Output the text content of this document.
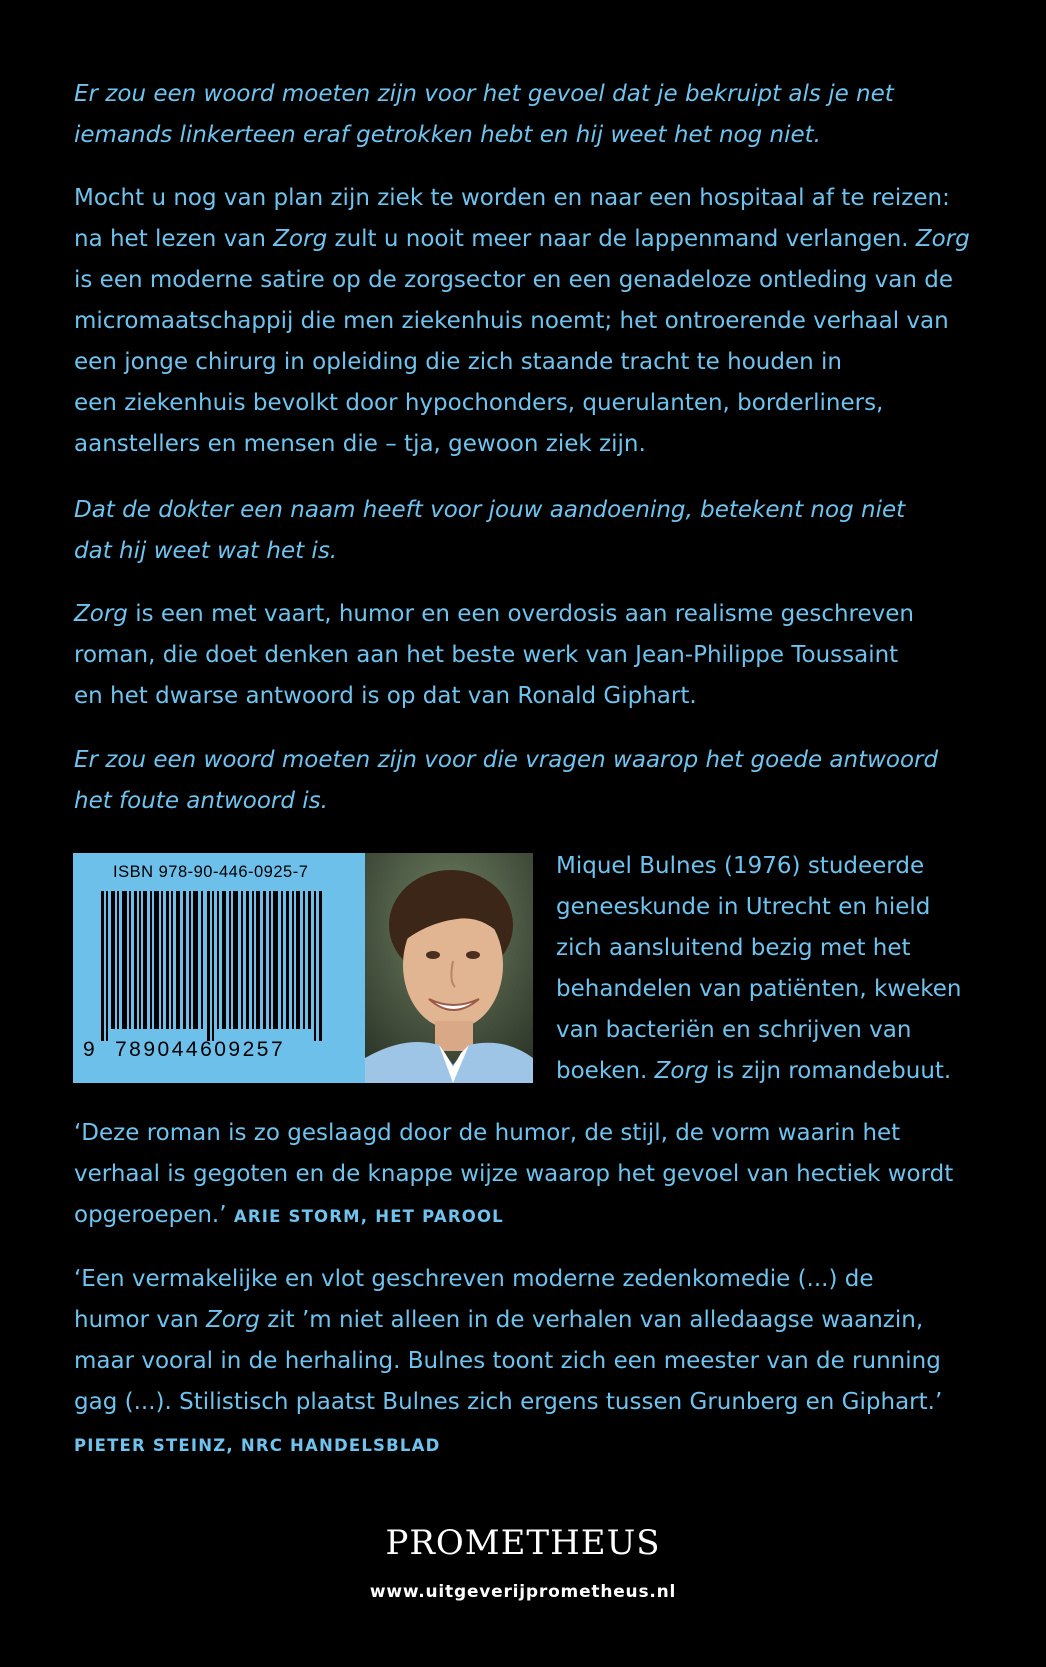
Er zou een woord moeten zijn voor het gevoel dat je bekruipt als je net
iemands linkerteen eraf getrokken hebt en hij weet het nog niet.

Mocht u nog van plan zijn ziek te worden en naar een hospitaal af te reizen:
na het lezen van Zorg zult u nooit meer naar de lappenmand verlangen. Zorg
is een moderne satire op de zorgsector en een genadeloze ontleding van de
micromaatschappij die men ziekenhuis noemt; het ontroerende verhaal van
een jonge chirurg in opleiding die zich staande tracht te houden in
een ziekenhuis bevolkt door hypochonders, querulanten, borderliners,
aanstellers en mensen die – tja, gewoon ziek zijn.

Dat de dokter een naam heeft voor jouw aandoening, betekent nog niet
dat hij weet wat het is.

Zorg is een met vaart, humor en een overdosis aan realisme geschreven
roman, die doet denken aan het beste werk van Jean-Philippe Toussaint
en het dwarse antwoord is op dat van Ronald Giphart.

Er zou een woord moeten zijn voor die vragen waarop het goede antwoord
het foute antwoord is.

ISBN 978-90-446-0925-7
9 789044609257

Miquel Bulnes (1976) studeerde
geneeskunde in Utrecht en hield
zich aansluitend bezig met het
behandelen van patiënten, kweken
van bacteriën en schrijven van
boeken. Zorg is zijn romandebuut.

‘Deze roman is zo geslaagd door de humor, de stijl, de vorm waarin het
verhaal is gegoten en de knappe wijze waarop het gevoel van hectiek wordt
opgeroepen.’ ARIE STORM, HET PAROOL

‘Een vermakelijke en vlot geschreven moderne zedenkomedie (...) de
humor van Zorg zit ’m niet alleen in de verhalen van alledaagse waanzin,
maar vooral in de herhaling. Bulnes toont zich een meester van de running
gag (...). Stilistisch plaatst Bulnes zich ergens tussen Grunberg en Giphart.’

PIETER STEINZ, NRC HANDELSBLAD
PROMETHEUS
www.uitgeverijprometheus.nl
